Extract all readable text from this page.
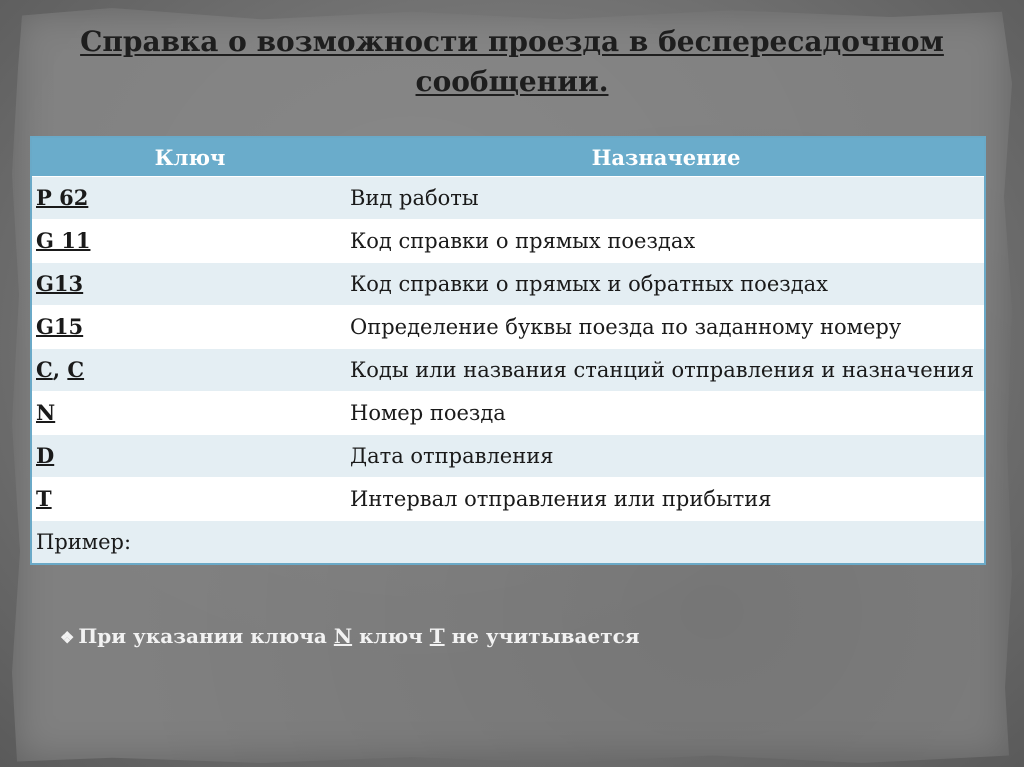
Справка о возможности проезда в беспересадочном сообщении.
Ключ	Назначение
Р 62	Вид работы
G 11	Код справки о прямых поездах
G13	Код справки о прямых и обратных поездах
G15	Определение буквы поезда по заданному номеру
С, С	Коды или названия станций отправления и назначения
N	Номер поезда
D	Дата отправления
T	Интервал отправления или прибытия
Пример:	
❖ При указании ключа N ключ T не учитывается
